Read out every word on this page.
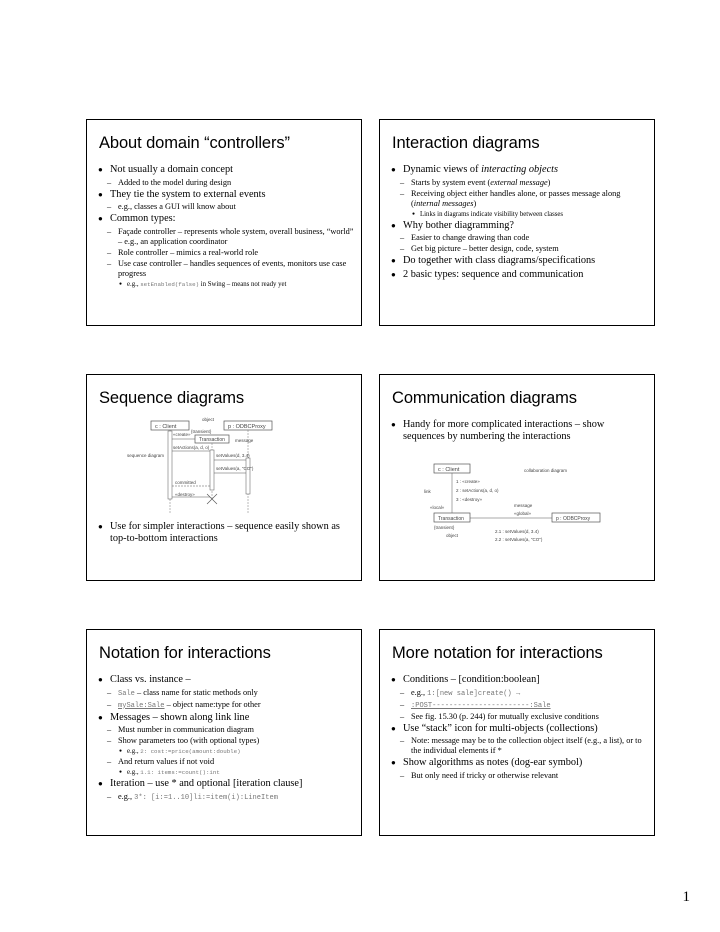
About domain “controllers”
● Not usually a domain concept
– Added to the model during design
● They tie the system to external events
– e.g., classes a GUI will know about
● Common types:
– Façade controller – represents whole system, overall business, “world” – e.g., an application coordinator
– Role controller – mimics a real-world role
– Use case controller – handles sequences of events, monitors use case progress
● e.g., setEnabled(false) in Swing – means not ready yet
Interaction diagrams
● Dynamic views of interacting objects
– Starts by system event (external message)
– Receiving object either handles alone, or passes message along (internal messages)
● Links in diagrams indicate visibility between classes
● Why bother diagramming?
– Easier to change drawing than code
– Get big picture – better design, code, system
● Do together with class diagrams/specifications
● 2 basic types: sequence and communication
Sequence diagrams
c : Client	p : ODBCProxy
object
{transient}
Transaction message
«create»
setActions(a, d, o)
sequence diagram	setValues(d, 3.4)
setValues(a, "CO")
committed
«destroy»
● Use for simpler interactions – sequence easily shown as top-to-bottom interactions
Communication diagrams
● Handy for more complicated interactions – show sequences by numbering the interactions
c : Client	collaboration diagram
link
1 : «create»
2 : setActions(a, d, o)
3 : «destroy»
«local»	message
«global»
Transaction	p : ODBCProxy
{transient}
object
2.1 : setValues(d, 3.4)
2.2 : setValues(a, "CO")
Notation for interactions
● Class vs. instance –
– Sale – class name for static methods only
– mySale:Sale – object name:type for other
● Messages – shown along link line
– Must number in communication diagram
– Show parameters too (with optional types)
● e.g., 2: cost:=price(amount:double)
– And return values if not void
● e.g., 1.1: items:=count():int
● Iteration – use * and optional [iteration clause]
– e.g., 3*: [i:=1..10]li:=item(i):LineItem
More notation for interactions
● Conditions – [condition:boolean]
– e.g., 1:[new sale]create() →
– :POST-----------------------:Sale
– See fig. 15.30 (p. 244) for mutually exclusive conditions
● Use “stack” icon for multi-objects (collections)
– Note: message may be to the collection object itself (e.g., a list), or to the individual elements if *
● Show algorithms as notes (dog-ear symbol)
– But only need if tricky or otherwise relevant
1
